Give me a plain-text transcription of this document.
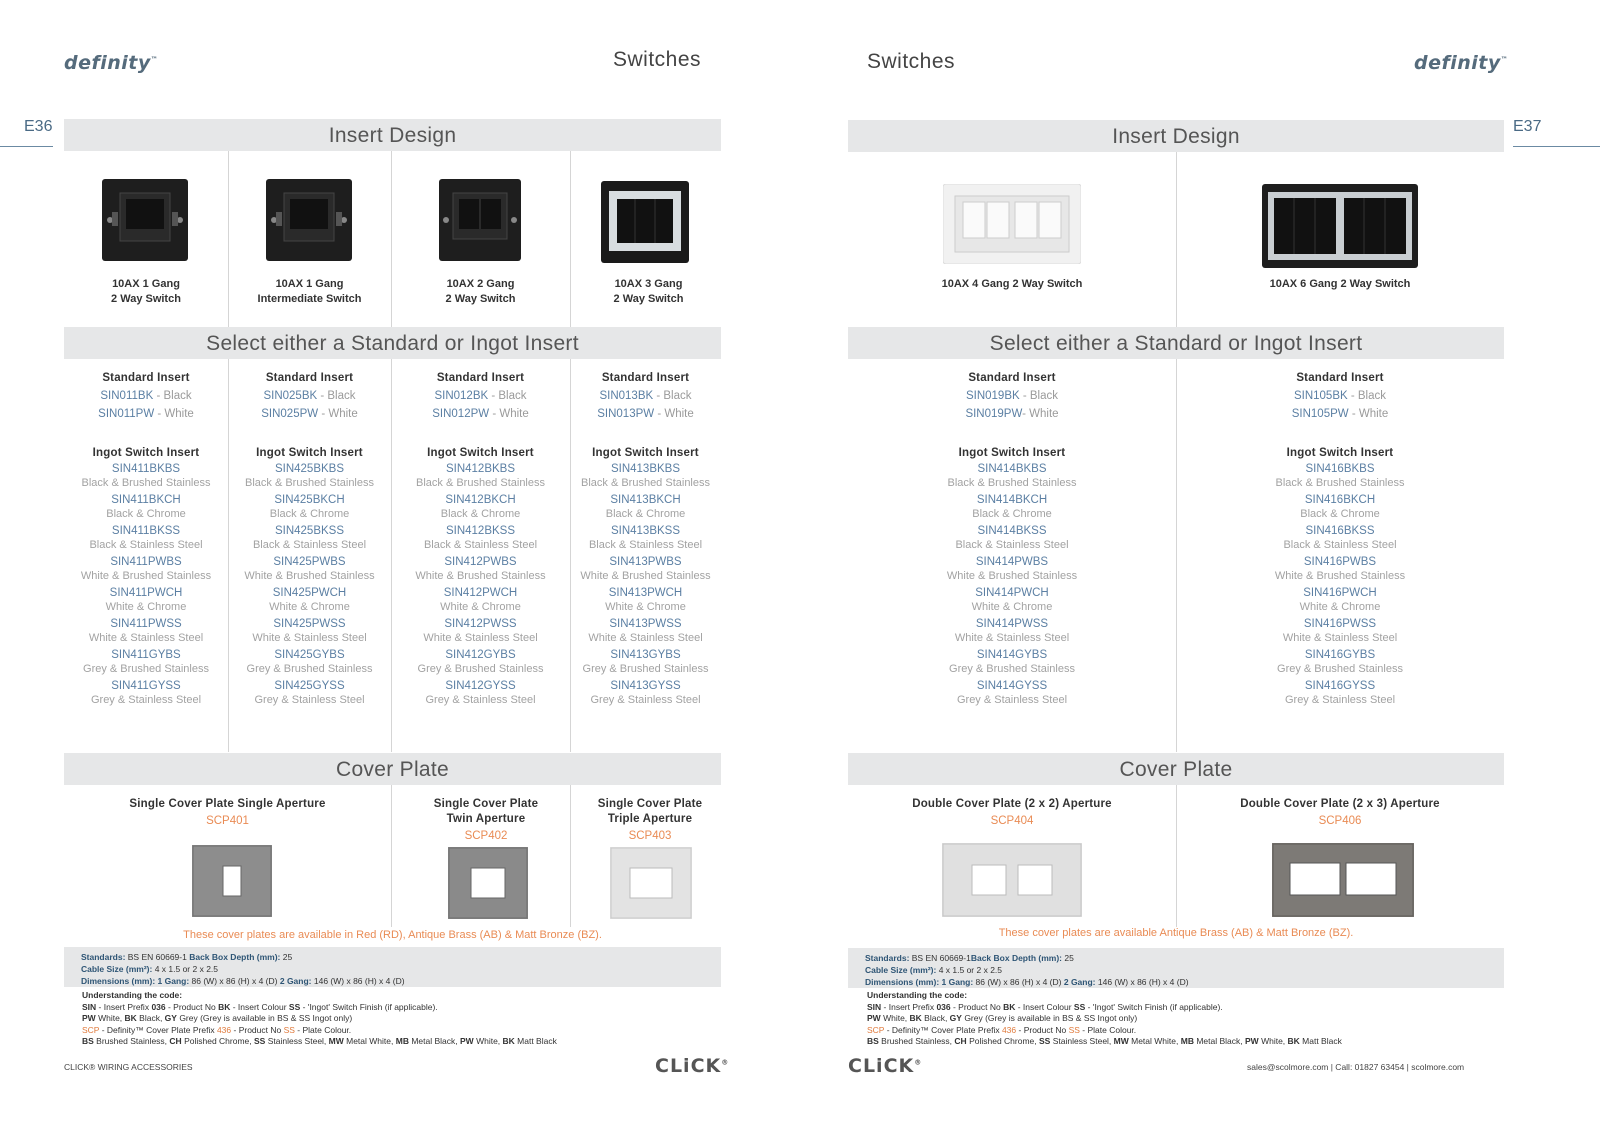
definity™	Switches
E36	Insert Design
10AX 1 Gang
2 Way Switch
10AX 1 Gang
Intermediate Switch
10AX 2 Gang
2 Way Switch
10AX 3 Gang
2 Way Switch
Select either a Standard or Ingot Insert
Standard Insert
SIN011BK - Black
SIN011PW - White
Ingot Switch Insert
SIN411BKBS
Black & Brushed Stainless
SIN411BKCH
Black & Chrome
SIN411BKSS
Black & Stainless Steel
SIN411PWBS
White & Brushed Stainless
SIN411PWCH
White & Chrome
SIN411PWSS
White & Stainless Steel
SIN411GYBS
Grey & Brushed Stainless
SIN411GYSS
Grey & Stainless Steel
Standard Insert
SIN025BK - Black
SIN025PW - White
Ingot Switch Insert
SIN425BKBS
Black & Brushed Stainless
SIN425BKCH
Black & Chrome
SIN425BKSS
Black & Stainless Steel
SIN425PWBS
White & Brushed Stainless
SIN425PWCH
White & Chrome
SIN425PWSS
White & Stainless Steel
SIN425GYBS
Grey & Brushed Stainless
SIN425GYSS
Grey & Stainless Steel
Standard Insert
SIN012BK - Black
SIN012PW - White
Ingot Switch Insert
SIN412BKBS
Black & Brushed Stainless
SIN412BKCH
Black & Chrome
SIN412BKSS
Black & Stainless Steel
SIN412PWBS
White & Brushed Stainless
SIN412PWCH
White & Chrome
SIN412PWSS
White & Stainless Steel
SIN412GYBS
Grey & Brushed Stainless
SIN412GYSS
Grey & Stainless Steel
Standard Insert
SIN013BK - Black
SIN013PW - White
Ingot Switch Insert
SIN413BKBS
Black & Brushed Stainless
SIN413BKCH
Black & Chrome
SIN413BKSS
Black & Stainless Steel
SIN413PWBS
White & Brushed Stainless
SIN413PWCH
White & Chrome
SIN413PWSS
White & Stainless Steel
SIN413GYBS
Grey & Brushed Stainless
SIN413GYSS
Grey & Stainless Steel
Cover Plate
Single Cover Plate Single Aperture
SCP401
Single Cover Plate
Twin Aperture
SCP402
Single Cover Plate
Triple Aperture
SCP403
These cover plates are available in Red (RD), Antique Brass (AB) & Matt Bronze (BZ).
Standards: BS EN 60669-1 Back Box Depth (mm): 25
Cable Size (mm²): 4 x 1.5 or 2 x 2.5
Dimensions (mm): 1 Gang: 86 (W) x 86 (H) x 4 (D) 2 Gang: 146 (W) x 86 (H) x 4 (D)
Understanding the code:
SIN - Insert Prefix 036 - Product No BK - Insert Colour SS - 'Ingot' Switch Finish (if applicable).
PW White, BK Black, GY Grey (Grey is available in BS & SS Ingot only)
SCP - Definity™ Cover Plate Prefix 436 - Product No SS - Plate Colour.
BS Brushed Stainless, CH Polished Chrome, SS Stainless Steel, MW Metal White, MB Metal Black, PW White, BK Matt Black
CLICK® WIRING ACCESSORIES	CLiCK®
Switches	definity™
E37
Insert Design
10AX 4 Gang 2 Way Switch	10AX 6 Gang 2 Way Switch
Select either a Standard or Ingot Insert
Standard Insert
SIN019BK - Black
SIN019PW- White
Ingot Switch Insert
SIN414BKBS
Black & Brushed Stainless
SIN414BKCH
Black & Chrome
SIN414BKSS
Black & Stainless Steel
SIN414PWBS
White & Brushed Stainless
SIN414PWCH
White & Chrome
SIN414PWSS
White & Stainless Steel
SIN414GYBS
Grey & Brushed Stainless
SIN414GYSS
Grey & Stainless Steel
Standard Insert
SIN105BK - Black
SIN105PW - White
Ingot Switch Insert
SIN416BKBS
Black & Brushed Stainless
SIN416BKCH
Black & Chrome
SIN416BKSS
Black & Stainless Steel
SIN416PWBS
White & Brushed Stainless
SIN416PWCH
White & Chrome
SIN416PWSS
White & Stainless Steel
SIN416GYBS
Grey & Brushed Stainless
SIN416GYSS
Grey & Stainless Steel
Cover Plate
Double Cover Plate (2 x 2) Aperture
SCP404
Double Cover Plate (2 x 3) Aperture
SCP406
These cover plates are available Antique Brass (AB) & Matt Bronze (BZ).
Standards: BS EN 60669-1Back Box Depth (mm): 25
Cable Size (mm²): 4 x 1.5 or 2 x 2.5
Dimensions (mm): 1 Gang: 86 (W) x 86 (H) x 4 (D) 2 Gang: 146 (W) x 86 (H) x 4 (D)
Understanding the code:
SIN - Insert Prefix 036 - Product No BK - Insert Colour SS - 'Ingot' Switch Finish (if applicable).
PW White, BK Black, GY Grey (Grey is available in BS & SS Ingot only)
SCP - Definity™ Cover Plate Prefix 436 - Product No SS - Plate Colour.
BS Brushed Stainless, CH Polished Chrome, SS Stainless Steel, MW Metal White, MB Metal Black, PW White, BK Matt Black
CLiCK®	sales@scolmore.com | Call: 01827 63454 | scolmore.com
